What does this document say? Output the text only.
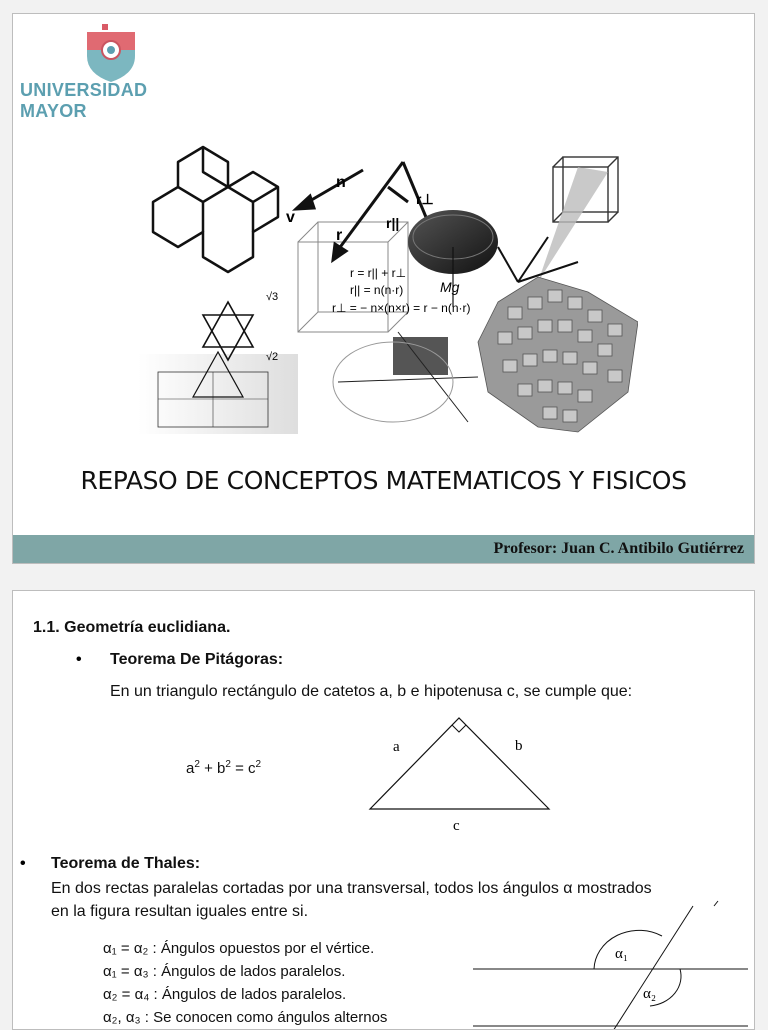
UNIVERSIDAD MAYOR
n
v
r
r⊥
r||
r = r|| + r⊥
r|| = n(n·r)
r⊥ = − n×(n×r) = r − n(n·r)
√3
√2
Mg
REPASO DE CONCEPTOS MATEMATICOS Y FISICOS
Profesor: Juan C. Antibilo Gutiérrez
1.1. Geometría euclidiana.
• Teorema De Pitágoras:
En un triangulo rectángulo de catetos a, b e hipotenusa c, se cumple que:
$a^2 + b^2 = c^2$
a	b
c
• Teorema de Thales:
En dos rectas paralelas cortadas por una transversal, todos los ángulos α mostrados
en la figura resultan iguales entre si.
α₁ = α₂ : Ángulos opuestos por el vértice.
α₁ = α₃ : Ángulos de lados paralelos.
α₂ = α₄ : Ángulos de lados paralelos.
α₂, α₃ : Se conocen como ángulos alternos
α₁
α₂
